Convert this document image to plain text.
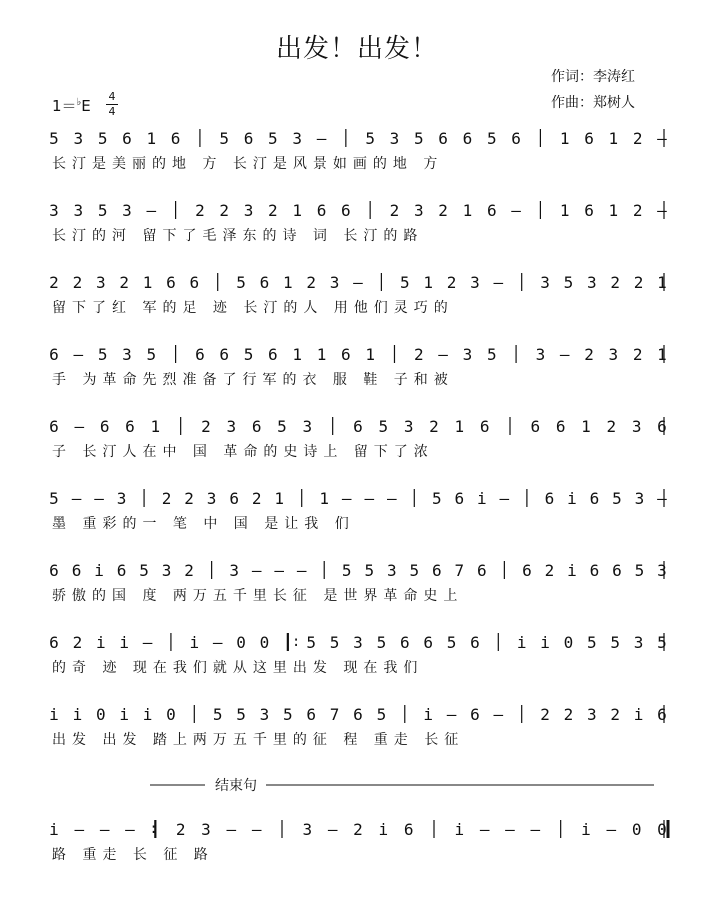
出发！出发！
作词：李涛红
作曲：郑树人
1＝♭E
4
4
5 3 5 6 1 6 5 6 5 3 – 5 3 5 6 6 5 6 1 6 1 2 –
长汀是美丽的地 方 长汀是风景如画的地 方
3 3 5 3 – 2 2 3 2 1 6 6 2 3 2 1 6 – 1 6 1 2 –
长汀的河 留下了毛泽东的诗 词 长汀的路
2 2 3 2 1 6 6 5 6 1 2 3 – 5 1 2 3 – 3 5 3 2 2 1
留下了红 军的足 迹 长汀的人 用他们灵巧的
6 – 5 3 5 6 6 5 6 1 1 6 1 2 – 3 5 3 – 2 3 2 1
手 为革命先烈准备了行军的衣 服 鞋 子和被
6 – 6 6 1	2 3 6 5 3	6 5 3 2 1 6	6 6 1 2 3 6
子 长汀人在中 国 革命的史诗上 留下了浓
5 – – 3 2 2 3 6 2 1 1 – – – 5 6 i – 6 i 6 5 3 –
墨 重彩的一 笔 中 国 是让我 们
6 6 i 6 5 3 2 3 – – – 5 5 3 5 6 7 6 6 2 i 6 6 5 3
骄傲的国 度 两万五千里长征 是世界革命史上
6 2 i i – i – 0 0 : 5 5 3 5 6 6 5 6 i i 0 5 5 3 5
的奇 迹 现在我们就从这里出发 现在我们
i i 0 i i 0 5 5 3 5 6 7 6 5 i – 6 – 2 2 3 2 i 6
出发 出发 踏上两万五千里的征 程 重走 长征
i – – – : 2 3 – –	3 – 2 i 6	i – – –	i – 0 0
路 重走 长 征 路
结束句
